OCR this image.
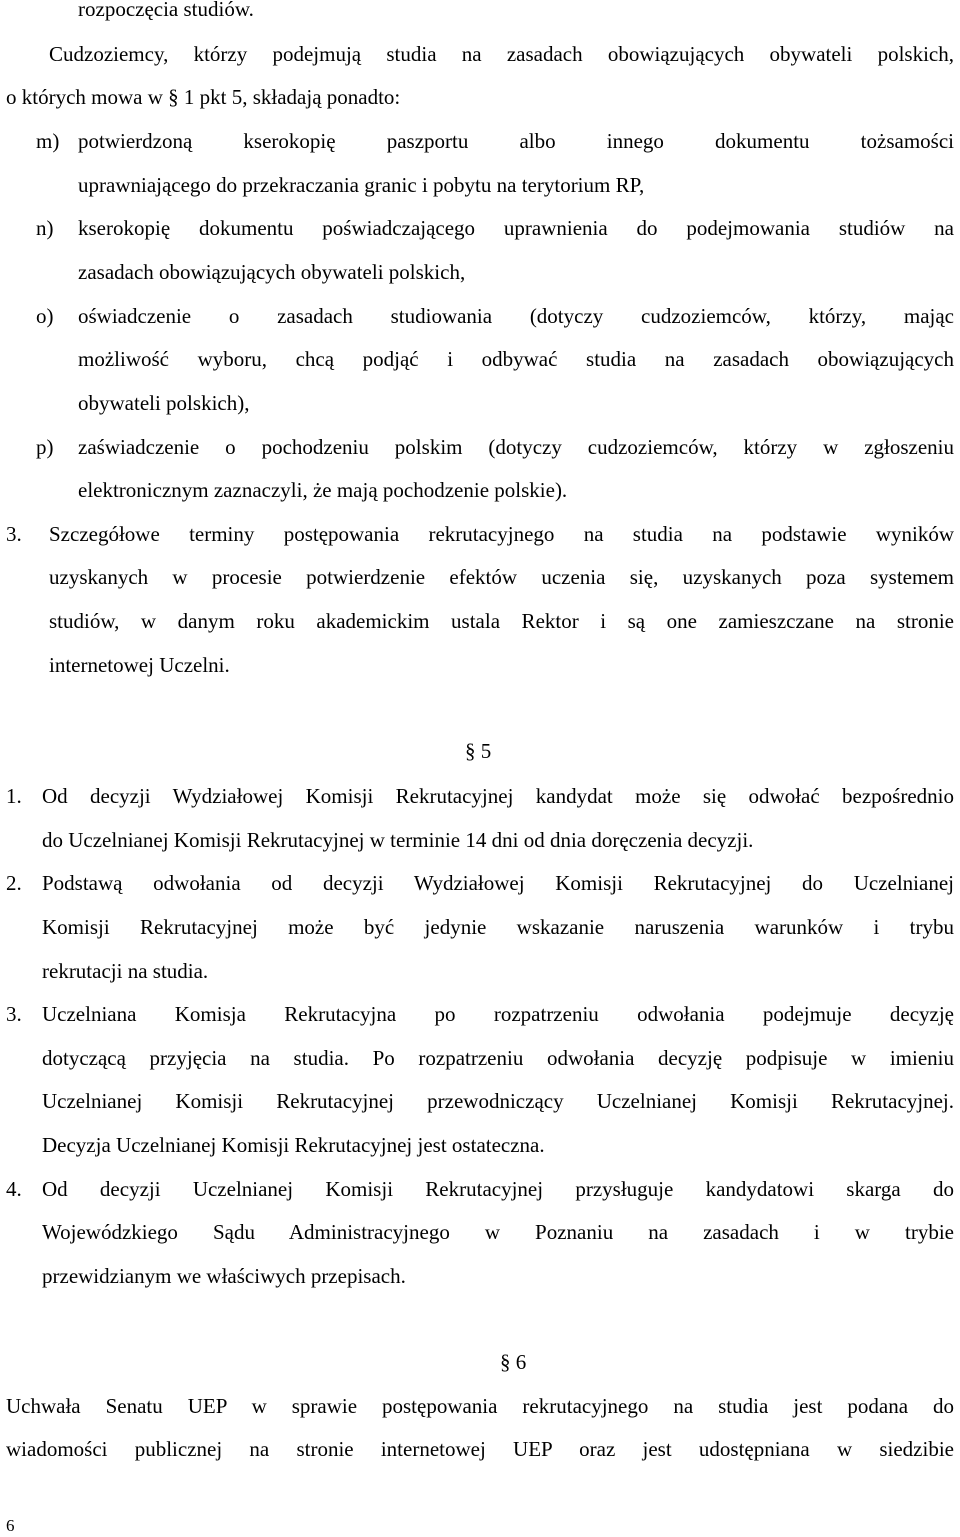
rozpoczęcia studiów.
Cudzoziemcy, którzy podejmują studia na zasadach obowiązujących obywateli polskich,
o których mowa w § 1 pkt 5, składają ponadto:
m) potwierdzoną kserokopię paszportu albo innego dokumentu tożsamości
uprawniającego do przekraczania granic i pobytu na terytorium RP,
n) kserokopię dokumentu poświadczającego uprawnienia do podejmowania studiów na
zasadach obowiązujących obywateli polskich,
o) oświadczenie o zasadach studiowania (dotyczy cudzoziemców, którzy, mając
możliwość wyboru, chcą podjąć i odbywać studia na zasadach obowiązujących
obywateli polskich),
p) zaświadczenie o pochodzeniu polskim (dotyczy cudzoziemców, którzy w zgłoszeniu
elektronicznym zaznaczyli, że mają pochodzenie polskie).
3. Szczegółowe terminy postępowania rekrutacyjnego na studia na podstawie wyników
uzyskanych w procesie potwierdzenie efektów uczenia się, uzyskanych poza systemem
studiów, w danym roku akademickim ustala Rektor i są one zamieszczane na stronie
internetowej Uczelni.
§ 5
1. Od decyzji Wydziałowej Komisji Rekrutacyjnej kandydat może się odwołać bezpośrednio
do Uczelnianej Komisji Rekrutacyjnej w terminie 14 dni od dnia doręczenia decyzji.
2. Podstawą odwołania od decyzji Wydziałowej Komisji Rekrutacyjnej do Uczelnianej
Komisji Rekrutacyjnej może być jedynie wskazanie naruszenia warunków i trybu
rekrutacji na studia.
3. Uczelniana Komisja Rekrutacyjna po rozpatrzeniu odwołania podejmuje decyzję
dotyczącą przyjęcia na studia. Po rozpatrzeniu odwołania decyzję podpisuje w imieniu
Uczelnianej Komisji Rekrutacyjnej przewodniczący Uczelnianej Komisji Rekrutacyjnej.
Decyzja Uczelnianej Komisji Rekrutacyjnej jest ostateczna.
4. Od decyzji Uczelnianej Komisji Rekrutacyjnej przysługuje kandydatowi skarga do
Wojewódzkiego Sądu Administracyjnego w Poznaniu na zasadach i w trybie
przewidzianym we właściwych przepisach.
§ 6
Uchwała Senatu UEP w sprawie postępowania rekrutacyjnego na studia jest podana do
wiadomości publicznej na stronie internetowej UEP oraz jest udostępniana w siedzibie
6
